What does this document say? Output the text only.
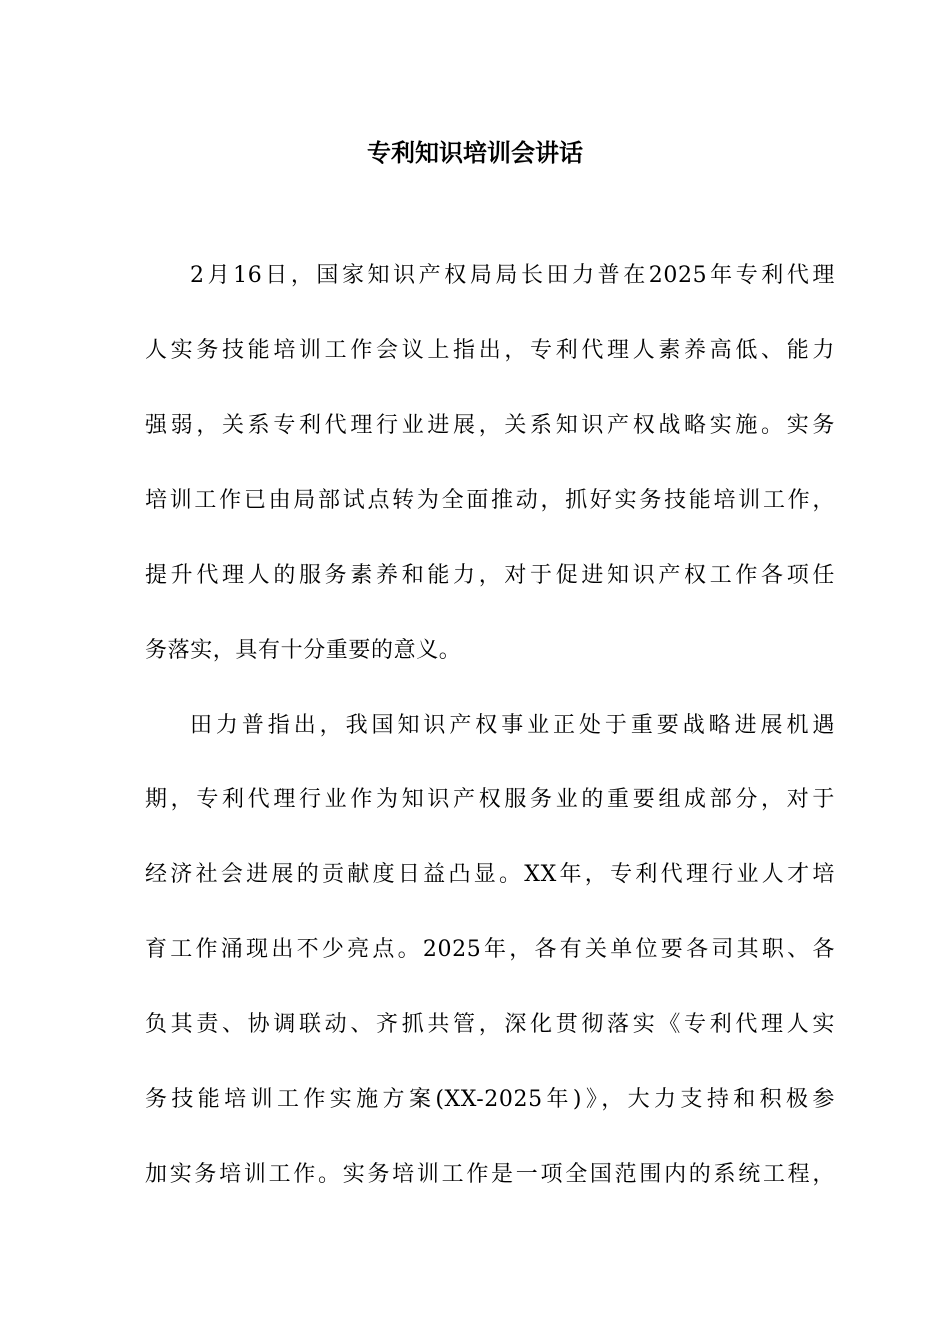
专利知识培训会讲话
2月16日，国家知识产权局局长田力普在2025年专利代理
人实务技能培训工作会议上指出，专利代理人素养高低、能力
强弱，关系专利代理行业进展，关系知识产权战略实施。实务
培训工作已由局部试点转为全面推动，抓好实务技能培训工作，
提升代理人的服务素养和能力，对于促进知识产权工作各项任
务落实，具有十分重要的意义。
田力普指出，我国知识产权事业正处于重要战略进展机遇
期，专利代理行业作为知识产权服务业的重要组成部分，对于
经济社会进展的贡献度日益凸显。XX年，专利代理行业人才培
育工作涌现出不少亮点。2025年，各有关单位要各司其职、各
负其责、协调联动、齐抓共管，深化贯彻落实《专利代理人实
务技能培训工作实施方案(XX-2025年)》，大力支持和积极参
加实务培训工作。实务培训工作是一项全国范围内的系统工程，
